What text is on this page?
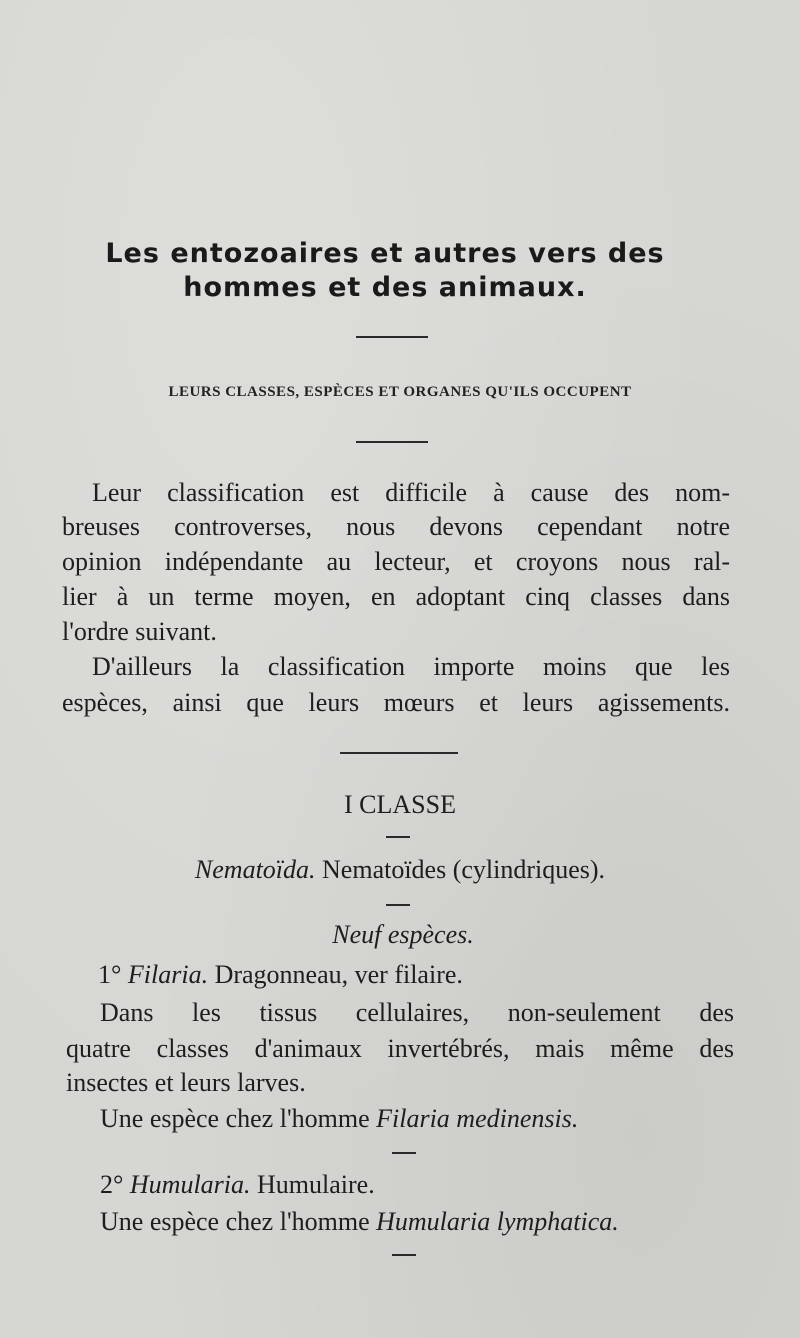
Les entozoaires et autres vers des
hommes et des animaux.
LEURS CLASSES, ESPÈCES ET ORGANES QU'ILS OCCUPENT
Leur classification est difficile à cause des nom-
breuses controverses, nous devons cependant notre
opinion indépendante au lecteur, et croyons nous ral-
lier à un terme moyen, en adoptant cinq classes dans
l'ordre suivant.
D'ailleurs la classification importe moins que les
espèces, ainsi que leurs mœurs et leurs agissements.
I CLASSE
Nematoïda. Nematoïdes (cylindriques).
Neuf espèces.
1° Filaria. Dragonneau, ver filaire.
Dans les tissus cellulaires, non-seulement des
quatre classes d'animaux invertébrés, mais même des
insectes et leurs larves.
Une espèce chez l'homme Filaria medinensis.
2° Humularia. Humulaire.
Une espèce chez l'homme Humularia lymphatica.
